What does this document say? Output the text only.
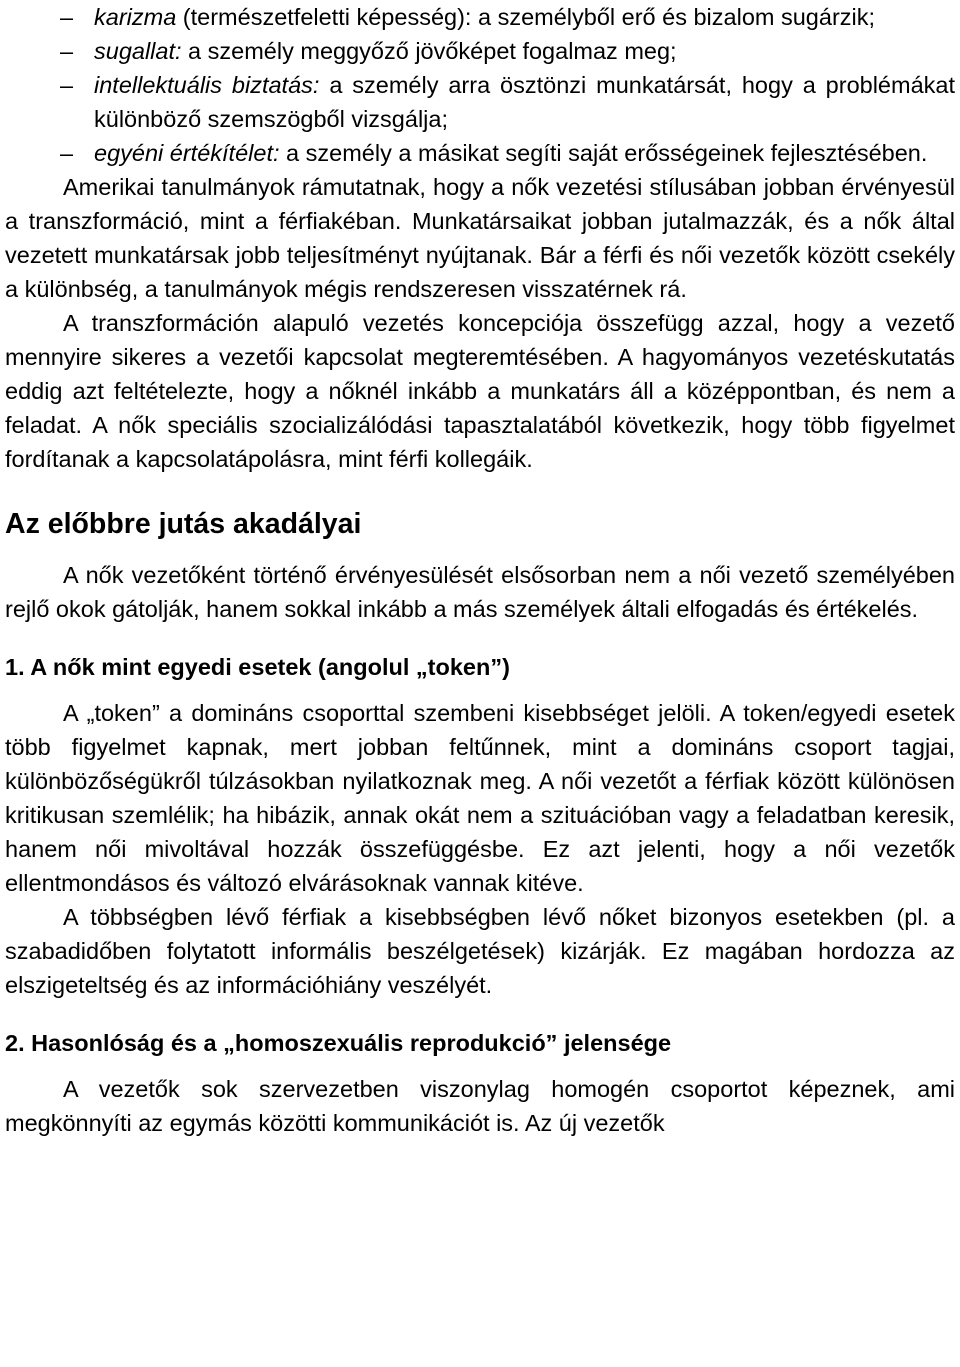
– karizma (természetfeletti képesség): a személyből erő és bizalom sugárzik;
– sugallat: a személy meggyőző jövőképet fogalmaz meg;
– intellektuális biztatás: a személy arra ösztönzi munkatársát, hogy a problémákat különböző szemszögből vizsgálja;
– egyéni értékítélet: a személy a másikat segíti saját erősségeinek fejlesztésében.

Amerikai tanulmányok rámutatnak, hogy a nők vezetési stílusában jobban érvényesül a transzformáció, mint a férfiakéban. Munkatársaikat jobban jutalmazzák, és a nők által vezetett munkatársak jobb teljesítményt nyújtanak. Bár a férfi és női vezetők között csekély a különbség, a tanulmányok mégis rendszeresen visszatérnek rá.

A transzformáción alapuló vezetés koncepciója összefügg azzal, hogy a vezető mennyire sikeres a vezetői kapcsolat megteremtésében. A hagyományos vezetéskutatás eddig azt feltételezte, hogy a nőknél inkább a munkatárs áll a középpontban, és nem a feladat. A nők speciális szocializálódási tapasztalatából következik, hogy több figyelmet fordítanak a kapcsolatápolásra, mint férfi kollegáik.

Az előbbre jutás akadályai

A nők vezetőként történő érvényesülését elsősorban nem a női vezető személyében rejlő okok gátolják, hanem sokkal inkább a más személyek általi elfogadás és értékelés.

1. A nők mint egyedi esetek (angolul „token”)

A „token” a domináns csoporttal szembeni kisebbséget jelöli. A token/egyedi esetek több figyelmet kapnak, mert jobban feltűnnek, mint a domináns csoport tagjai, különbözőségükről túlzásokban nyilatkoznak meg. A női vezetőt a férfiak között különösen kritikusan szemlélik; ha hibázik, annak okát nem a szituációban vagy a feladatban keresik, hanem női mivoltával hozzák összefüggésbe. Ez azt jelenti, hogy a női vezetők ellentmondásos és változó elvárásoknak vannak kitéve.

A többségben lévő férfiak a kisebbségben lévő nőket bizonyos esetekben (pl. a szabadidőben folytatott informális beszélgetések) kizárják. Ez magában hordozza az elszigeteltség és az információhiány veszélyét.

2. Hasonlóság és a „homoszexuális reprodukció” jelensége

A vezetők sok szervezetben viszonylag homogén csoportot képeznek, ami megkönnyíti az egymás közötti kommunikációt is. Az új vezetők
